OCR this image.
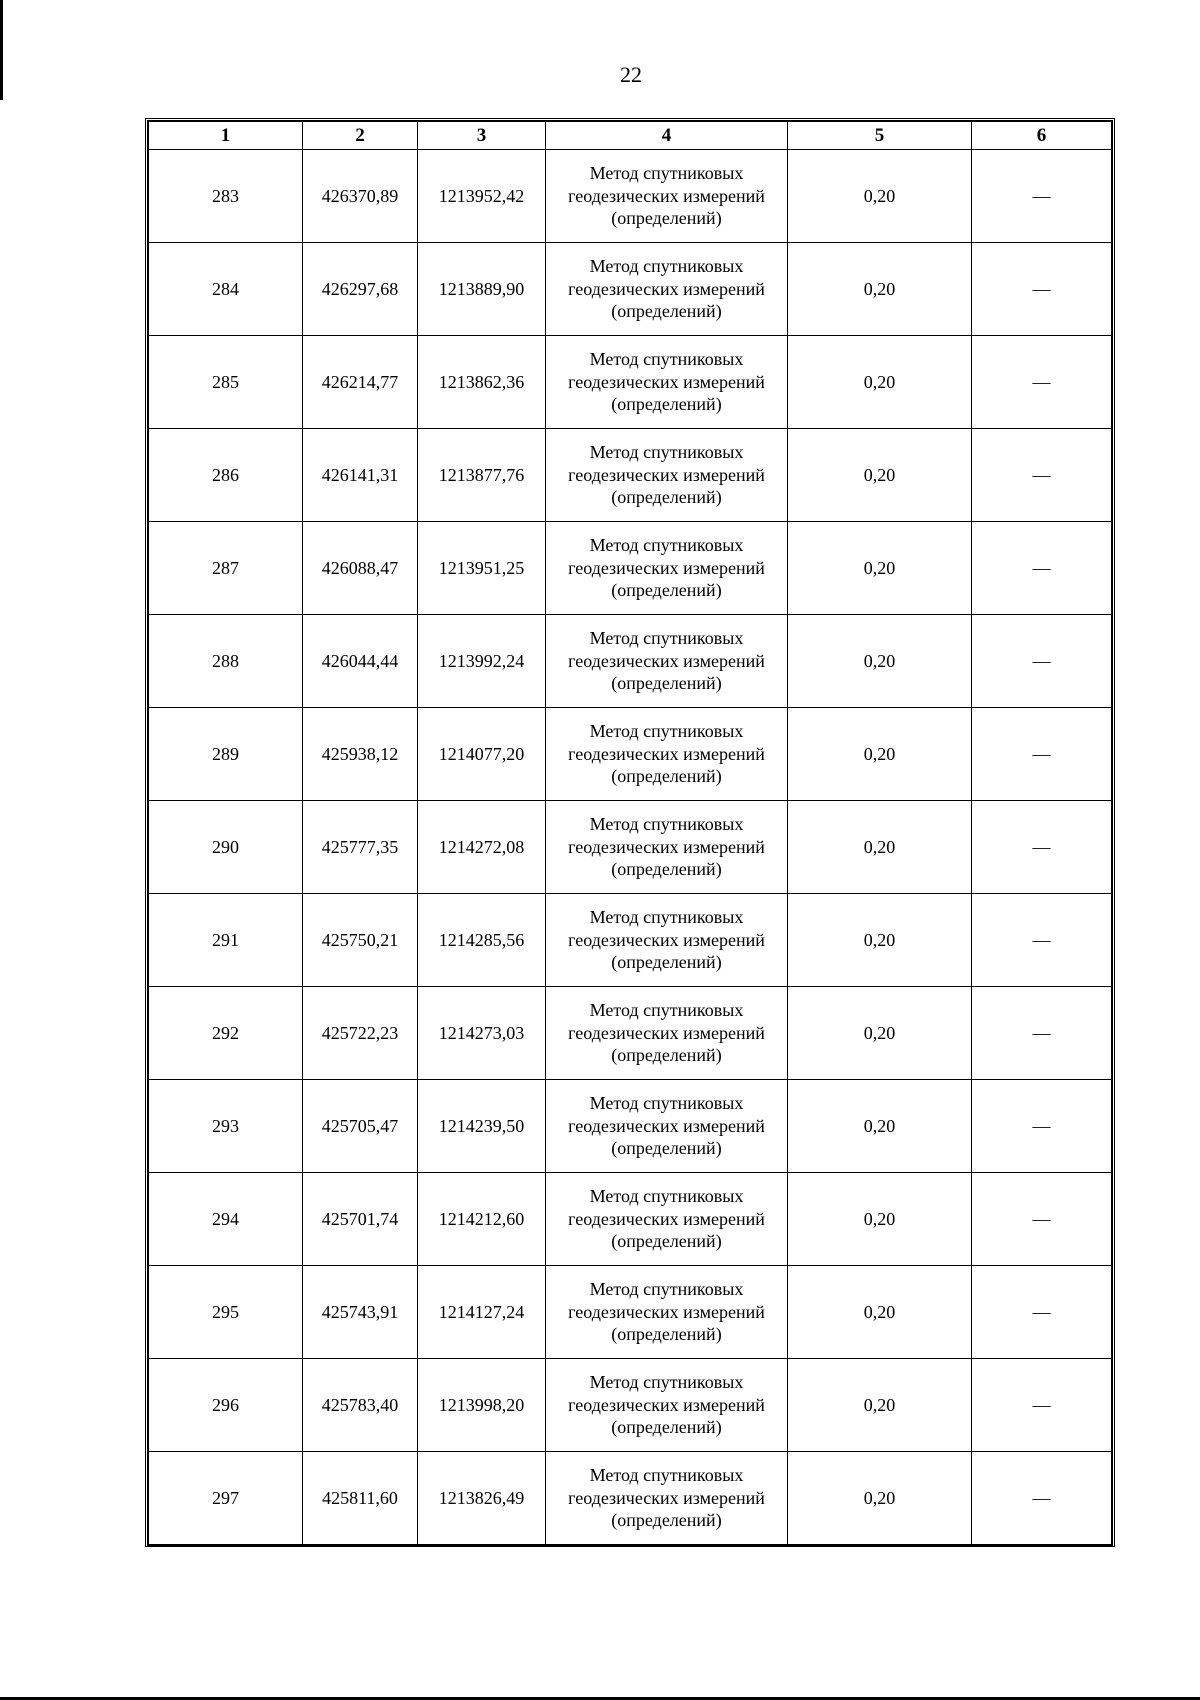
22
1	2	3	4	5	6
283	426370,89	1213952,42	Метод спутниковых геодезических измерений (определений)	0,20	—
284	426297,68	1213889,90	Метод спутниковых геодезических измерений (определений)	0,20	—
285	426214,77	1213862,36	Метод спутниковых геодезических измерений (определений)	0,20	—
286	426141,31	1213877,76	Метод спутниковых геодезических измерений (определений)	0,20	—
287	426088,47	1213951,25	Метод спутниковых геодезических измерений (определений)	0,20	—
288	426044,44	1213992,24	Метод спутниковых геодезических измерений (определений)	0,20	—
289	425938,12	1214077,20	Метод спутниковых геодезических измерений (определений)	0,20	—
290	425777,35	1214272,08	Метод спутниковых геодезических измерений (определений)	0,20	—
291	425750,21	1214285,56	Метод спутниковых геодезических измерений (определений)	0,20	—
292	425722,23	1214273,03	Метод спутниковых геодезических измерений (определений)	0,20	—
293	425705,47	1214239,50	Метод спутниковых геодезических измерений (определений)	0,20	—
294	425701,74	1214212,60	Метод спутниковых геодезических измерений (определений)	0,20	—
295	425743,91	1214127,24	Метод спутниковых геодезических измерений (определений)	0,20	—
296	425783,40	1213998,20	Метод спутниковых геодезических измерений (определений)	0,20	—
297	425811,60	1213826,49	Метод спутниковых геодезических измерений (определений)	0,20	—
